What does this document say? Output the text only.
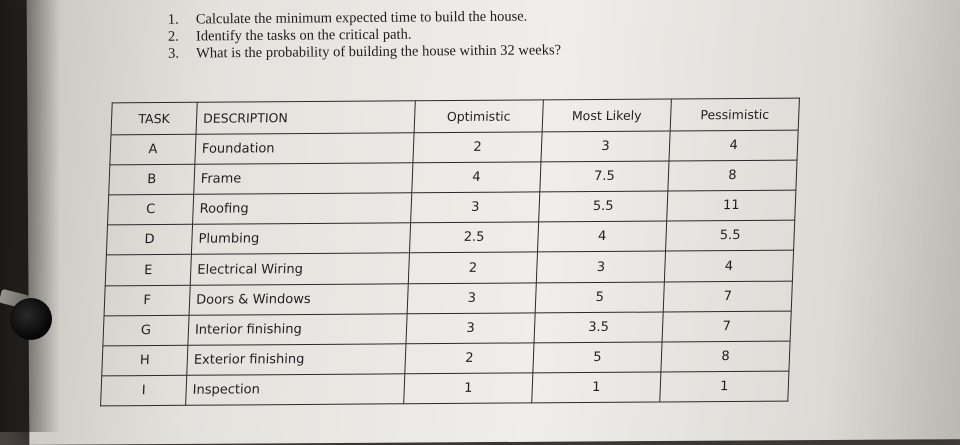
1.	Calculate the minimum expected time to build the house.
2.	Identify the tasks on the critical path.
3.	What is the probability of building the house within 32 weeks?
TASK	DESCRIPTION	Optimistic	Most Likely	Pessimistic
A	Foundation	2	3	4
B	Frame	4	7.5	8
C	Roofing	3	5.5	11
D	Plumbing	2.5	4	5.5
E	Electrical Wiring	2	3	4
F	Doors & Windows	3	5	7
G	Interior finishing	3	3.5	7
H	Exterior finishing	2	5	8
I	Inspection	1	1	1
